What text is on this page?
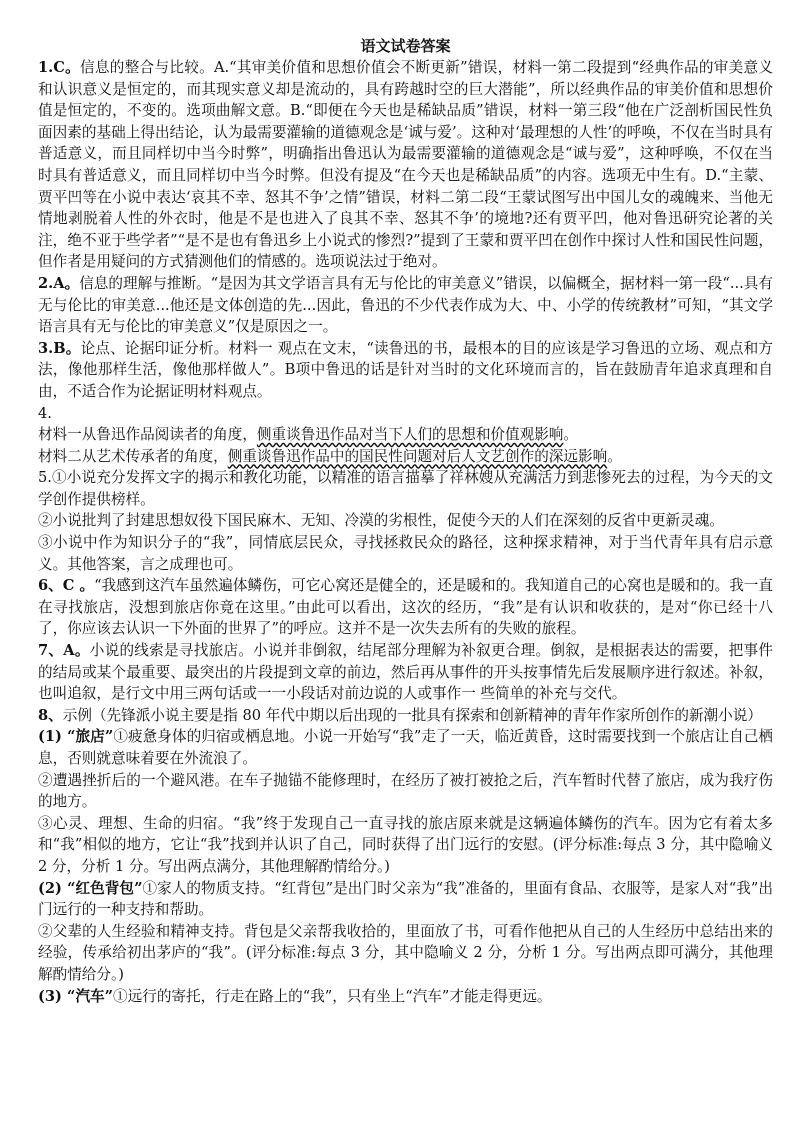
语文试卷答案

1.C。信息的整合与比较。A.“其审美价值和思想价值会不断更新”错误，材料一第二段提到“经典作品的审美意义和认识意义是恒定的，而其现实意义却是流动的，具有跨越时空的巨大潜能”，所以经典作品的审美价值和思想价值是恒定的，不变的。选项曲解文意。B.“即便在今天也是稀缺品质”错误，材料一第三段“他在广泛剖析国民性负面因素的基础上得出结论，认为最需要灌输的道德观念是‘诚与爱’。这种对‘最理想的人性’的呼唤，不仅在当时具有普适意义，而且同样切中当今时弊”，明确指出鲁迅认为最需要灌输的道德观念是“诚与爱”，这种呼唤，不仅在当时具有普适意义，而且同样切中当今时弊。但没有提及“在今天也是稀缺品质”的内容。选项无中生有。D.“主蒙、贾平凹等在小说中表达‘哀其不幸、怒其不争’之情”错误，材料二第二段“王蒙试图写出中国儿女的魂魄来、当他无情地剥脱着人性的外衣时，他是不是也进入了良其不幸、怒其不争’的境地?还有贾平凹，他对鲁迅研究论著的关注，绝不亚于些学者”“是不是也有鲁迅乡上小说式的惨烈?”提到了王蒙和贾平凹在创作中探讨人性和国民性问题，但作者是用疑问的方式猜测他们的情感的。选项说法过于绝对。

2.A。信息的理解与推断。“是因为其文学语言具有无与伦比的审美意义”错误，以偏概全，据材料一第一段“...具有无与伦比的审美意...他还是文体创造的先...因此，鲁迅的不少代表作成为大、中、小学的传统教材”可知，“其文学语言具有无与伦比的审美意义”仅是原因之一。

3.B。论点、论据印证分析。材料一 观点在文末，“读鲁迅的书，最根本的目的应该是学习鲁迅的立场、观点和方法，像他那样生活，像他那样做人”。B项中鲁迅的话是针对当时的文化环境而言的，旨在鼓励青年追求真理和自由，不适合作为论据证明材料观点。

4.

材料一从鲁迅作品阅读者的角度，侧重谈鲁迅作品对当下人们的思想和价值观影响。

材料二从艺术传承者的角度，侧重谈鲁迅作品中的国民性问题对后人文艺创作的深远影响。

5.①小说充分发挥文字的揭示和教化功能，以精准的语言描摹了祥林嫂从充满活力到悲惨死去的过程，为今天的文学创作提供榜样。

②小说批判了封建思想奴役下国民麻木、无知、冷漠的劣根性，促使今天的人们在深刻的反省中更新灵魂。

③小说中作为知识分子的“我”，同情底层民众，寻找拯救民众的路径，这种探求精神，对于当代青年具有启示意义。其他答案，言之成理也可。

6、C 。“我感到这汽车虽然遍体鳞伤，可它心窝还是健全的，还是暖和的。我知道自己的心窝也是暖和的。我一直在寻找旅店，没想到旅店你竟在这里。”由此可以看出，这次的经历，“我”是有认识和收获的，是对“你已经十八了，你应该去认识一下外面的世界了”的呼应。这并不是一次失去所有的失败的旅程。

7、A。小说的线索是寻找旅店。小说并非倒叙，结尾部分理解为补叙更合理。倒叙，是根据表达的需要，把事件的结局或某个最重要、最突出的片段提到文章的前边，然后再从事件的开头按事情先后发展顺序进行叙述。补叙，也叫追叙，是行文中用三两句话或一一小段话对前边说的人或事作一 些简单的补充与交代。

8、示例（先锋派小说主要是指 80 年代中期以后出现的一批具有探索和创新精神的青年作家所创作的新潮小说）

(1) “旅店”①疲惫身体的归宿或栖息地。小说一开始写“我”走了一天，临近黄昏，这时需要找到一个旅店让自己栖息，否则就意味着要在外流浪了。

②遭遇挫折后的一个避风港。在车子抛锚不能修理时，在经历了被打被抢之后，汽车暂时代替了旅店，成为我疗伤的地方。

③心灵、理想、生命的归宿。“我”终于发现自己一直寻找的旅店原来就是这辆遍体鳞伤的汽车。因为它有着太多和“我”相似的地方，它让“我”找到并认识了自己，同时获得了出门远行的安慰。(评分标准:每点 3 分，其中隐喻义 2 分，分析 1 分。写出两点满分，其他理解酌情给分。)

(2) “红色背包”①家人的物质支持。“红背包”是出门时父亲为“我”准备的，里面有食品、衣服等，是家人对“我”出门远行的一种支持和帮助。

②父辈的人生经验和精神支持。背包是父亲帮我收拾的，里面放了书，可看作他把从自己的人生经历中总结出来的经验，传承给初出茅庐的“我”。(评分标准:每点 3 分，其中隐喻义 2 分，分析 1 分。写出两点即可满分，其他理解酌情给分。)

(3) “汽车”①远行的寄托，行走在路上的“我”，只有坐上“汽车”才能走得更远。
